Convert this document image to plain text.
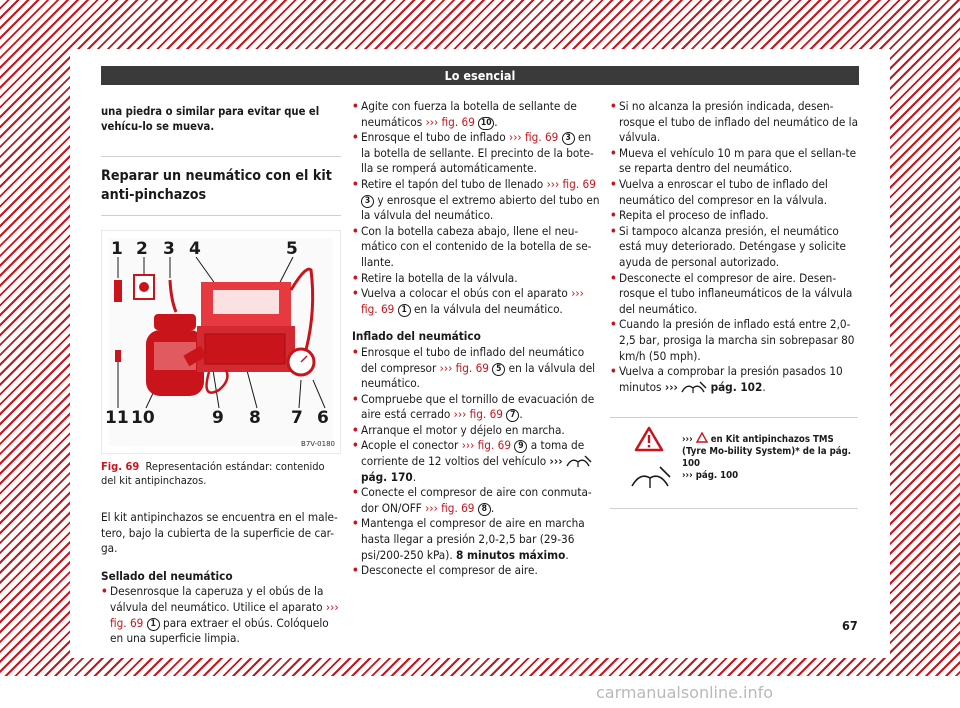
Lo esencial

una piedra o similar para evitar que el vehícu-lo se mueva.

Reparar un neumático con el kit anti-pinchazos

1 2 3 4	5
11 10	9 8 7 6
B7V-0180

Fig. 69 Representación estándar: contenido del kit antipinchazos.

El kit antipinchazos se encuentra en el male-tero, bajo la cubierta de la superficie de car-ga.

Sellado del neumático

• Desenrosque la caperuza y el obús de la válvula del neumático. Utilice el aparato ››› fig. 69 1 para extraer el obús. Colóquelo en una superficie limpia.

• Agite con fuerza la botella de sellante de neumáticos ››› fig. 69 10 .

• Enrosque el tubo de inflado ››› fig. 69 3 en la botella de sellante. El precinto de la bote-lla se romperá automáticamente.

• Retire el tapón del tubo de llenado ››› fig. 69 3 y enrosque el extremo abierto del tubo en la válvula del neumático.

• Con la botella cabeza abajo, llene el neu-mático con el contenido de la botella de se-llante.

• Retire la botella de la válvula.

• Vuelva a colocar el obús con el aparato ››› fig. 69 1 en la válvula del neumático.

Inflado del neumático

• Enrosque el tubo de inflado del neumático del compresor ››› fig. 69 5 en la válvula del neumático.

• Compruebe que el tornillo de evacuación de aire está cerrado ››› fig. 69 7 .

• Arranque el motor y déjelo en marcha.

• Acople el conector ››› fig. 69 9 a toma de corriente de 12 voltios del vehículo ›››  pág. 170.

• Conecte el compresor de aire con conmuta-dor ON/OFF ››› fig. 69 8 .

• Mantenga el compresor de aire en marcha hasta llegar a presión 2,0-2,5 bar (29-36 psi/200-250 kPa). 8 minutos máximo.

• Desconecte el compresor de aire.

• Si no alcanza la presión indicada, desen-rosque el tubo de inflado del neumático de la válvula.

• Mueva el vehículo 10 m para que el sellan-te se reparta dentro del neumático.

• Vuelva a enroscar el tubo de inflado del neumático del compresor en la válvula.

• Repita el proceso de inflado.

• Si tampoco alcanza presión, el neumático está muy deteriorado. Deténgase y solicite ayuda de personal autorizado.

• Desconecte el compresor de aire. Desen-rosque el tubo inflaneumáticos de la válvula del neumático.

• Cuando la presión de inflado está entre 2,0-2,5 bar, prosiga la marcha sin sobrepasar 80 km/h (50 mph).

• Vuelva a comprobar la presión pasados 10 minutos ›››	pág. 102.

››› en Kit antipinchazos TMS (Tyre Mo-bility System)* de la pág. 100
››› pág. 100
67
carmanualsonline.info
